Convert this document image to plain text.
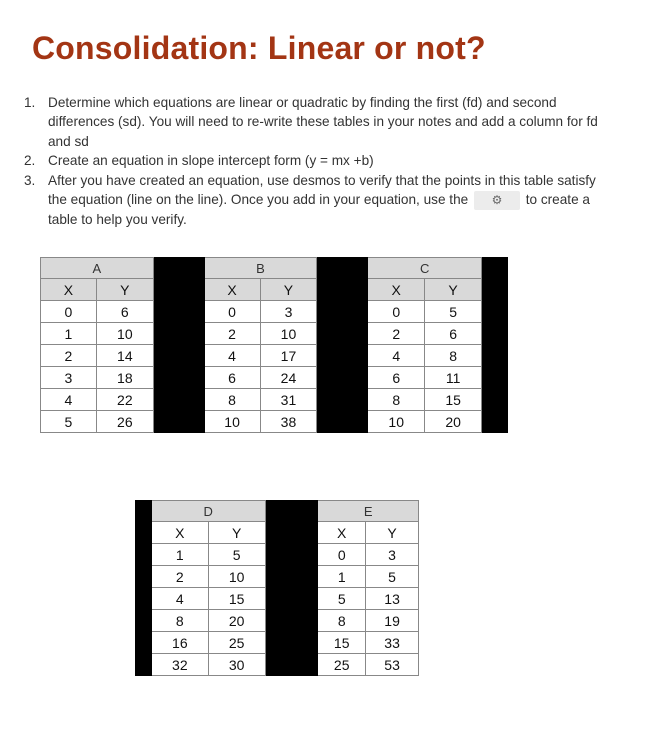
Consolidation: Linear or not?
1. Determine which equations are linear or quadratic by finding the first (fd) and second differences (sd). You will need to re-write these tables in your notes and add a column for fd and sd
2. Create an equation in slope intercept form (y = mx +b)
3. After you have created an equation, use desmos to verify that the points in this table satisfy the equation (line on the line). Once you add in your equation, use the ⚙ to create a table to help you verify.
A			B			C		
X	Y		X	Y		X	Y	
0	6		0	3		0	5	
1	10		2	10		2	6	
2	14		4	17		4	8	
3	18		6	24		6	11	
4	22		8	31		8	15	
5	26		10	38		10	20	
	D			E	
	X	Y		X	Y
	1	5		0	3
	2	10		1	5
	4	15		5	13
	8	20		8	19
	16	25		15	33
	32	30		25	53
